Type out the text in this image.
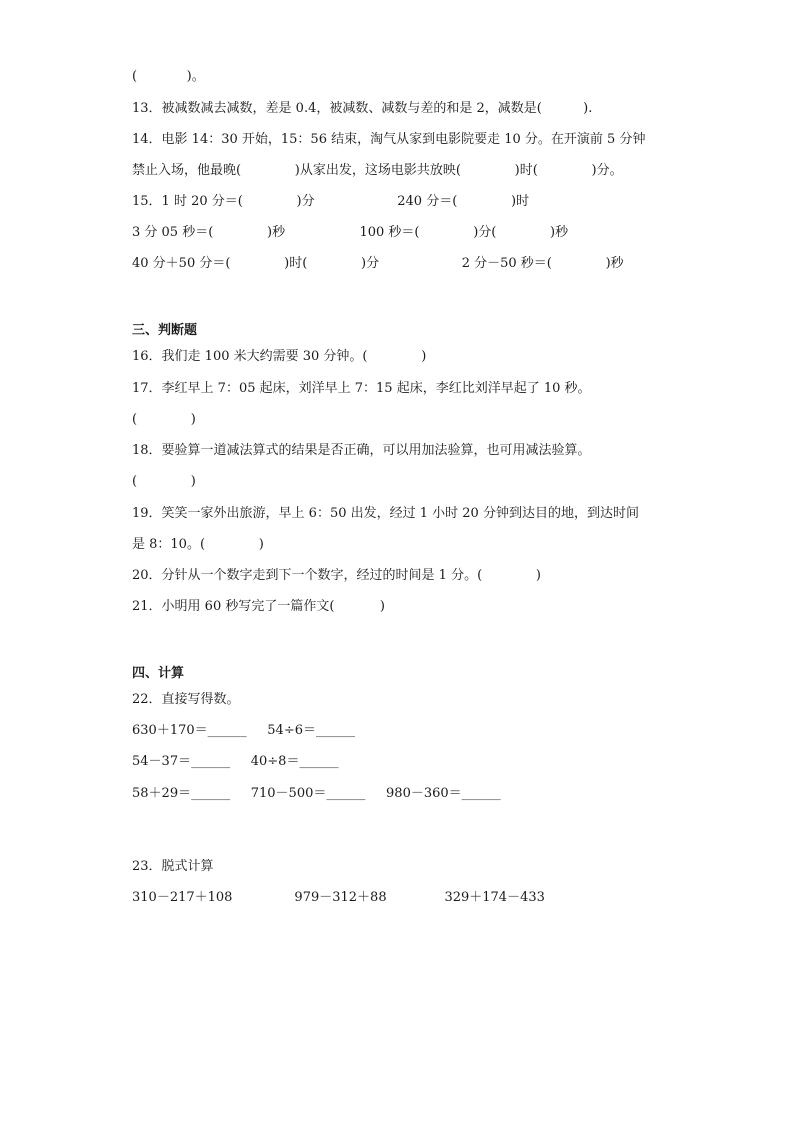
(            )。
13．被减数减去减数，差是 0.4，被减数、减数与差的和是 2，减数是(          ).
14．电影 14：30 开始，15：56 结束，淘气从家到电影院要走 10 分。在开演前 5 分钟
禁止入场，他最晚(             )从家出发，这场电影共放映(             )时(             )分。
15．1 时 20 分＝(             )分                    240 分＝(             )时
3 分 05 秒＝(             )秒                  100 秒＝(             )分(             )秒
40 分＋50 分＝(             )时(             )分                    2 分－50 秒＝(             )秒
三、判断题
16．我们走 100 米大约需要 30 分钟。(             )
17．李红早上 7：05 起床，刘洋早上 7：15 起床，李红比刘洋早起了 10 秒。
(             )
18．要验算一道减法算式的结果是否正确，可以用加法验算，也可用减法验算。
(             )
19．笑笑一家外出旅游，早上 6：50 出发，经过 1 小时 20 分钟到达目的地，到达时间
是 8：10。(             )
20．分针从一个数字走到下一个数字，经过的时间是 1 分。(             )
21．小明用 60 秒写完了一篇作文(           )
四、计算
22．直接写得数。
630＋170＝______     54÷6＝______
54－37＝______     40÷8＝______
58＋29＝______     710－500＝______     980－360＝______
23．脱式计算
310－217＋108               979－312＋88              329＋174－433
